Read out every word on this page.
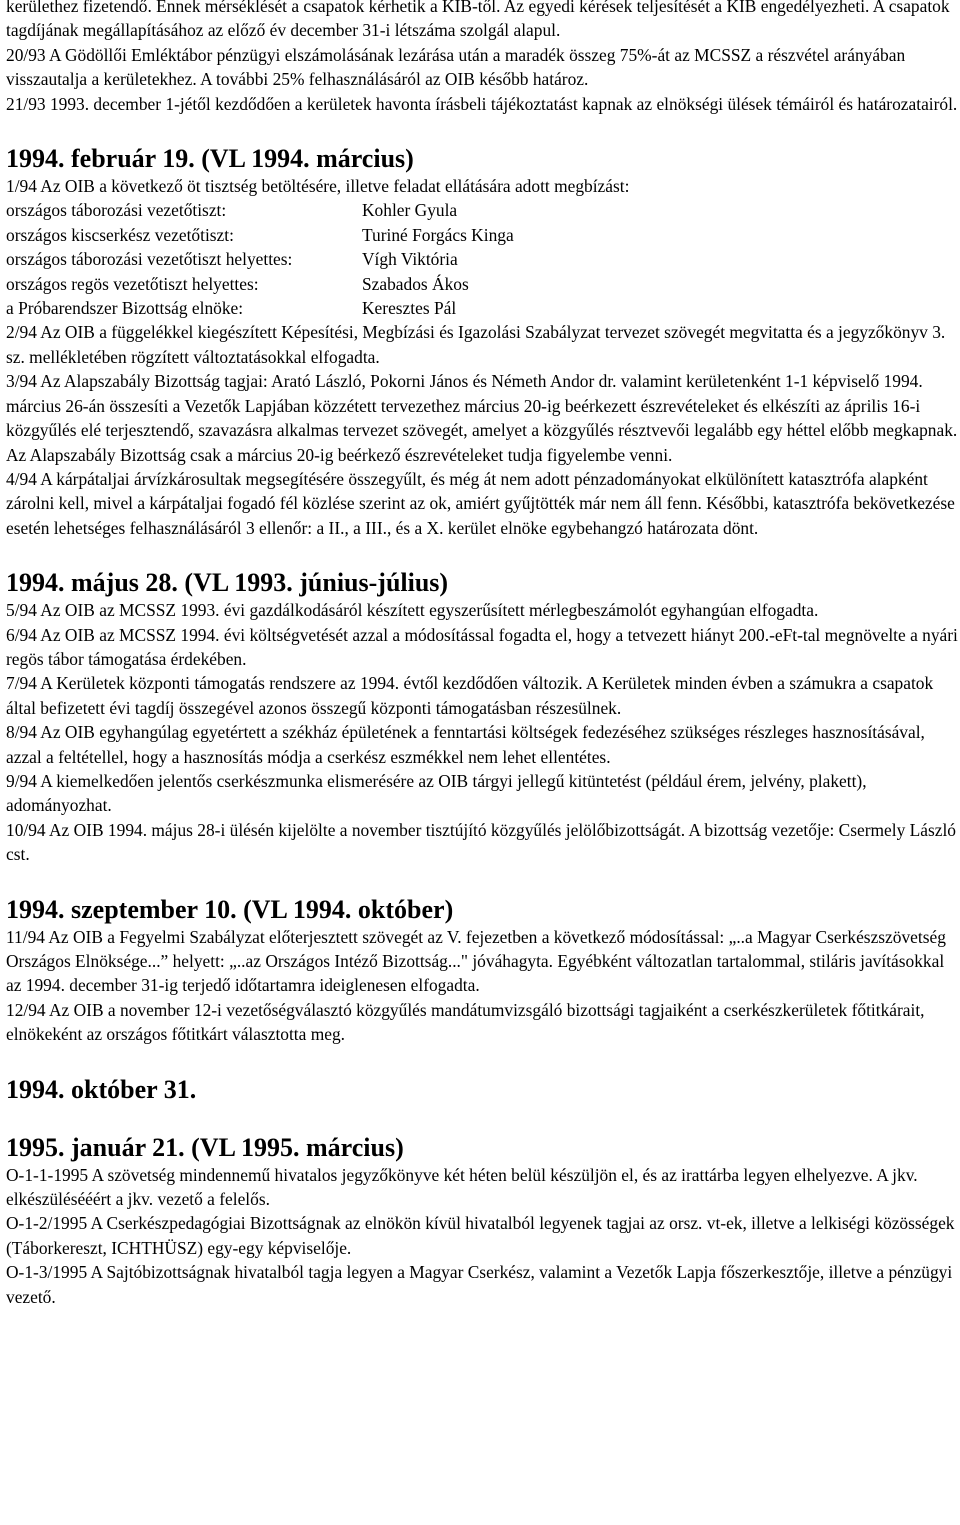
kerülethez fizetendő. Ennek mérséklését a csapatok kérhetik a KIB-től. Az egyedi kérések teljesítését a KIB engedélyezheti. A csapatok tagdíjának megállapításához az előző év december 31-i létszáma szolgál alapul.

20/93 A Gödöllői Emléktábor pénzügyi elszámolásának lezárása után a maradék összeg 75%-át az MCSSZ a részvétel arányában visszautalja a kerületekhez. A további 25% felhasználásáról az OIB később határoz.

21/93 1993. december 1-jétől kezdődően a kerületek havonta írásbeli tájékoztatást kapnak az elnökségi ülések témáiról és határozatairól.

1994. február 19. (VL 1994. március)

1/94 Az OIB a következő öt tisztség betöltésére, illetve feladat ellátására adott megbízást:

országos táborozási vezetőtiszt:	Kohler Gyula
országos kiscserkész vezetőtiszt:	Turiné Forgács Kinga
országos táborozási vezetőtiszt helyettes:	Vígh Viktória
országos regös vezetőtiszt helyettes:	Szabados Ákos
a Próbarendszer Bizottság elnöke:	Keresztes Pál

2/94 Az OIB a függelékkel kiegészített Képesítési, Megbízási és Igazolási Szabályzat tervezet szövegét megvitatta és a jegyzőkönyv 3. sz. mellékletében rögzített változtatásokkal elfogadta.

3/94 Az Alapszabály Bizottság tagjai: Arató László, Pokorni János és Németh Andor dr. valamint kerületenként 1-1 képviselő 1994. március 26-án összesíti a Vezetők Lapjában közzétett tervezethez március 20-ig beérkezett észrevételeket és elkészíti az április 16-i közgyűlés elé terjesztendő, szavazásra alkalmas tervezet szövegét, amelyet a közgyűlés résztvevői legalább egy héttel előbb megkapnak. Az Alapszabály Bizottság csak a március 20-ig beérkező észrevételeket tudja figyelembe venni.

4/94 A kárpátaljai árvízkárosultak megsegítésére összegyűlt, és még át nem adott pénzadományokat elkülönített katasztrófa alapként zárolni kell, mivel a kárpátaljai fogadó fél közlése szerint az ok, amiért gyűjtötték már nem áll fenn. Későbbi, katasztrófa bekövetkezése esetén lehetséges felhasználásáról 3 ellenőr: a II., a III., és a X. kerület elnöke egybehangzó határozata dönt.

1994. május 28. (VL 1993. június-július)

5/94 Az OIB az MCSSZ 1993. évi gazdálkodásáról készített egyszerűsített mérlegbeszámolót egyhangúan elfogadta.

6/94 Az OIB az MCSSZ 1994. évi költségvetését azzal a módosítással fogadta el, hogy a tetvezett hiányt 200.-eFt-tal megnövelte a nyári regös tábor támogatása érdekében.

7/94 A Kerületek központi támogatás rendszere az 1994. évtől kezdődően változik. A Kerületek minden évben a számukra a csapatok által befizetett évi tagdíj összegével azonos összegű központi támogatásban részesülnek.

8/94 Az OIB egyhangúlag egyetértett a székház épületének a fenntartási költségek fedezéséhez szükséges részleges hasznosításával, azzal a feltétellel, hogy a hasznosítás módja a cserkész eszmékkel nem lehet ellentétes.

9/94 A kiemelkedően jelentős cserkészmunka elismerésére az OIB tárgyi jellegű kitüntetést (például érem, jelvény, plakett), adományozhat.

10/94 Az OIB 1994. május 28-i ülésén kijelölte a november tisztújító közgyűlés jelölőbizottságát. A bizottság vezetője: Csermely László cst.

1994. szeptember 10. (VL 1994. október)

11/94 Az OIB a Fegyelmi Szabályzat előterjesztett szövegét az V. fejezetben a következő módosítással: „..a Magyar Cserkészszövetség Országos Elnöksége...” helyett: „..az Országos Intéző Bizottság..." jóváhagyta. Egyébként változatlan tartalommal, stiláris javításokkal az 1994. december 31-ig terjedő időtartamra ideiglenesen elfogadta.

12/94 Az OIB a november 12-i vezetőségválasztó közgyűlés mandátumvizsgáló bizottsági tagjaiként a cserkészkerületek főtitkárait, elnökeként az országos főtitkárt választotta meg.

1994. október 31.
1995. január 21. (VL 1995. március)

O-1-1-1995 A szövetség mindennemű hivatalos jegyzőkönyve két héten belül készüljön el, és az irattárba legyen elhelyezve. A jkv. elkészülésééért a jkv. vezető a felelős.

O-1-2/1995 A Cserkészpedagógiai Bizottságnak az elnökön kívül hivatalból legyenek tagjai az orsz. vt-ek, illetve a lelkiségi közösségek (Táborkereszt, ICHTHÜSZ) egy-egy képviselője.

O-1-3/1995 A Sajtóbizottságnak hivatalból tagja legyen a Magyar Cserkész, valamint a Vezetők Lapja főszerkesztője, illetve a pénzügyi vezető.
